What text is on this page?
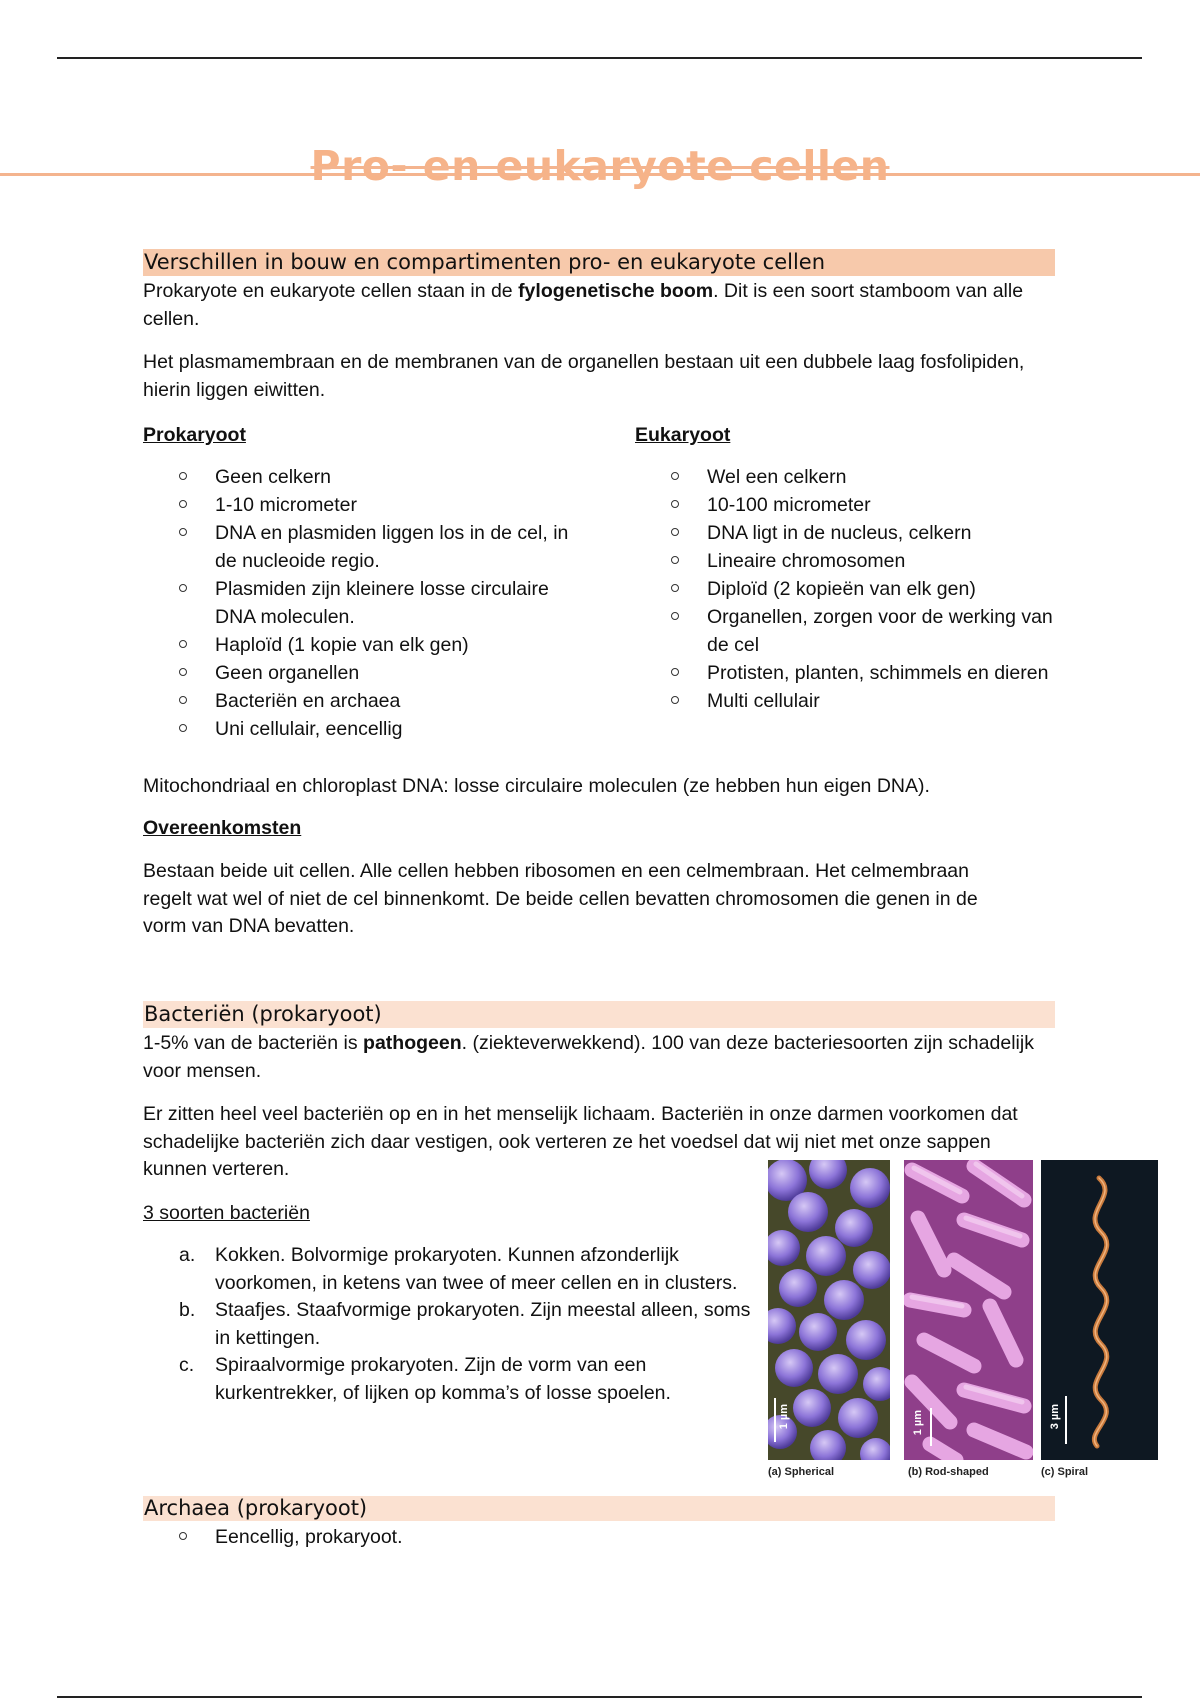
Pro- en eukaryote cellen
Verschillen in bouw en compartimenten pro- en eukaryote cellen

Prokaryote en eukaryote cellen staan in de fylogenetische boom. Dit is een soort stamboom van alle cellen.

Het plasmamembraan en de membranen van de organellen bestaan uit een dubbele laag fosfolipiden, hierin liggen eiwitten.

Prokaryoot	Eukaryoot
Geen celkern
1-10 micrometer
DNA en plasmiden liggen los in de cel, in de nucleoide regio.
Plasmiden zijn kleinere losse circulaire DNA moleculen.
Haploïd (1 kopie van elk gen)
Geen organellen
Bacteriën en archaea
Uni cellulair, eencellig
Wel een celkern
10-100 micrometer
DNA ligt in de nucleus, celkern
Lineaire chromosomen
Diploïd (2 kopieën van elk gen)
Organellen, zorgen voor de werking van de cel
Protisten, planten, schimmels en dieren
Multi cellulair

Mitochondriaal en chloroplast DNA: losse circulaire moleculen (ze hebben hun eigen DNA).

Overeenkomsten

Bestaan beide uit cellen. Alle cellen hebben ribosomen en een celmembraan. Het celmembraan regelt wat wel of niet de cel binnenkomt. De beide cellen bevatten chromosomen die genen in de vorm van DNA bevatten.

Bacteriën (prokaryoot)

1-5% van de bacteriën is pathogeen. (ziekteverwekkend). 100 van deze bacteriesoorten zijn schadelijk voor mensen.

Er zitten heel veel bacteriën op en in het menselijk lichaam. Bacteriën in onze darmen voorkomen dat schadelijke bacteriën zich daar vestigen, ook verteren ze het voedsel dat wij niet met onze sappen kunnen verteren.

3 soorten bacteriën
a. Kokken. Bolvormige prokaryoten. Kunnen afzonderlijk voorkomen, in ketens van twee of meer cellen en in clusters.
b. Staafjes. Staafvormige prokaryoten. Zijn meestal alleen, soms in kettingen.
c. Spiraalvormige prokaryoten. Zijn de vorm van een kurkentrekker, of lijken op komma’s of losse spoelen.
1 µm	1 µm	3 µm
(a) Spherical	(b) Rod-shaped	(c) Spiral
Archaea (prokaryoot)
Eencellig, prokaryoot.
